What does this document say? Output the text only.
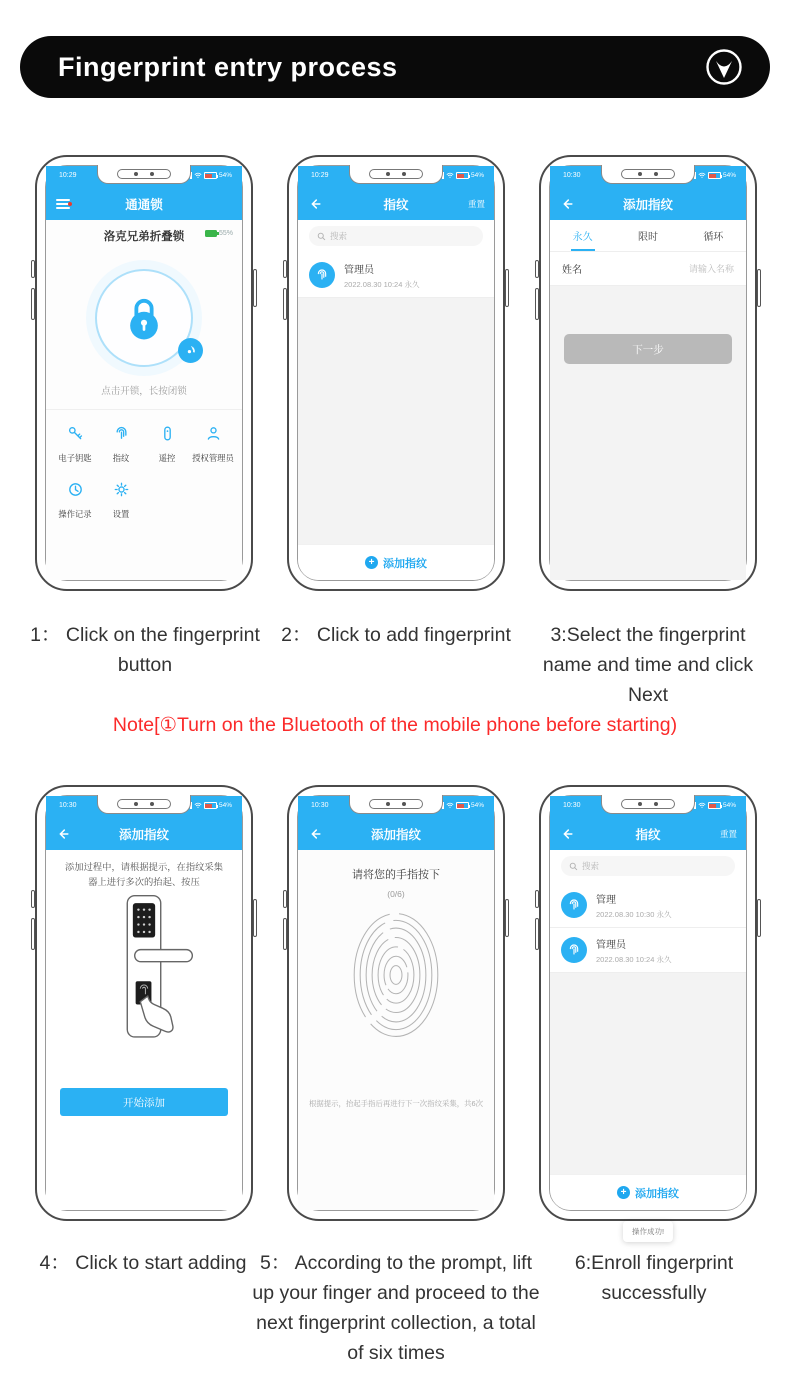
Fingerprint entry process
10:29	54%
通通锁
洛克兄弟折叠锁	55%
点击开锁，长按闭锁
电子钥匙	指纹	遥控	授权管理员
操作记录	设置
10:29	54%
指纹	重置
搜索
管理员
2022.08.30 10:24 永久
+
添加指纹
10:30	54%
添加指纹
永久	限时	循环
姓名	请输入名称
下一步
1： Click on the fingerprint button
2： Click to add fingerprint	3:Select the fingerprint name and time and click Next
Note[①Turn on the Bluetooth of the mobile phone before starting)
10:30	54%
添加指纹
添加过程中，请根据提示，在指纹采集
器上进行多次的抬起、按压
开始添加
10:30	54%
添加指纹
请将您的手指按下
(0/6)
根据提示，抬起手指后再进行下一次指纹采集，共6次
10:30	54%
指纹	重置
搜索
管理
2022.08.30 10:30 永久
管理员
2022.08.30 10:24 永久
操作成功!
+
添加指纹
4： Click to start adding 5： According to the prompt, lift up your finger and proceed to the next fingerprint collection, a total of six times
6:Enroll fingerprint successfully
